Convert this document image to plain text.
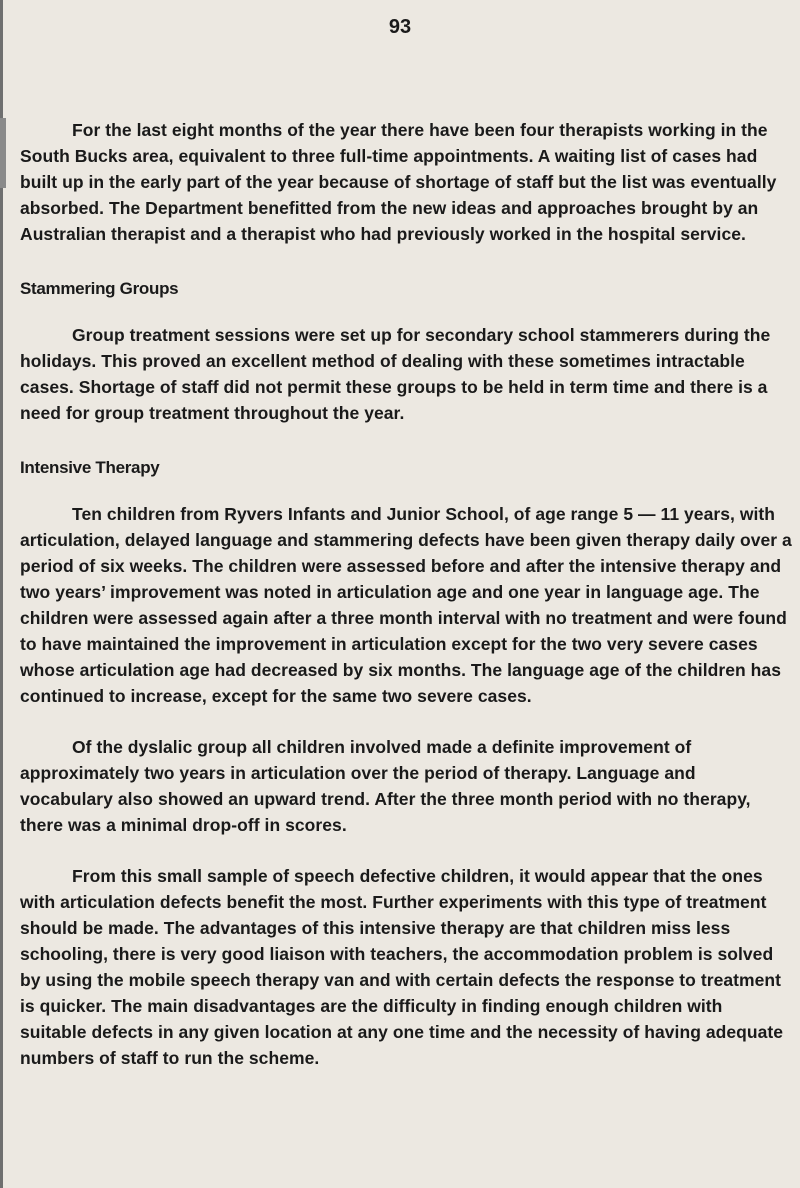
93

For the last eight months of the year there have been four therapists working in the South Bucks area, equivalent to three full-time appointments. A waiting list of cases had built up in the early part of the year because of shortage of staff but the list was eventually absorbed. The Department benefitted from the new ideas and approaches brought by an Australian therapist and a therapist who had previously worked in the hospital service.

Stammering Groups

Group treatment sessions were set up for secondary school stammerers during the holidays. This proved an excellent method of dealing with these sometimes intractable cases. Shortage of staff did not permit these groups to be held in term time and there is a need for group treatment throughout the year.

Intensive Therapy

Ten children from Ryvers Infants and Junior School, of age range 5 — 11 years, with articulation, delayed language and stammering defects have been given therapy daily over a period of six weeks. The children were assessed before and after the intensive therapy and two years’ improvement was noted in articulation age and one year in language age. The children were assessed again after a three month interval with no treatment and were found to have maintained the improvement in articulation except for the two very severe cases whose articulation age had decreased by six months. The language age of the children has continued to increase, except for the same two severe cases.

Of the dyslalic group all children involved made a definite improvement of approximately two years in articulation over the period of therapy. Language and vocabulary also showed an upward trend. After the three month period with no therapy, there was a minimal drop-off in scores.

From this small sample of speech defective children, it would appear that the ones with articulation defects benefit the most. Further experiments with this type of treatment should be made. The advantages of this intensive therapy are that children miss less schooling, there is very good liaison with teachers, the accommodation problem is solved by using the mobile speech therapy van and with certain defects the response to treatment is quicker. The main disadvantages are the difficulty in finding enough children with suitable defects in any given location at any one time and the necessity of having adequate numbers of staff to run the scheme.
